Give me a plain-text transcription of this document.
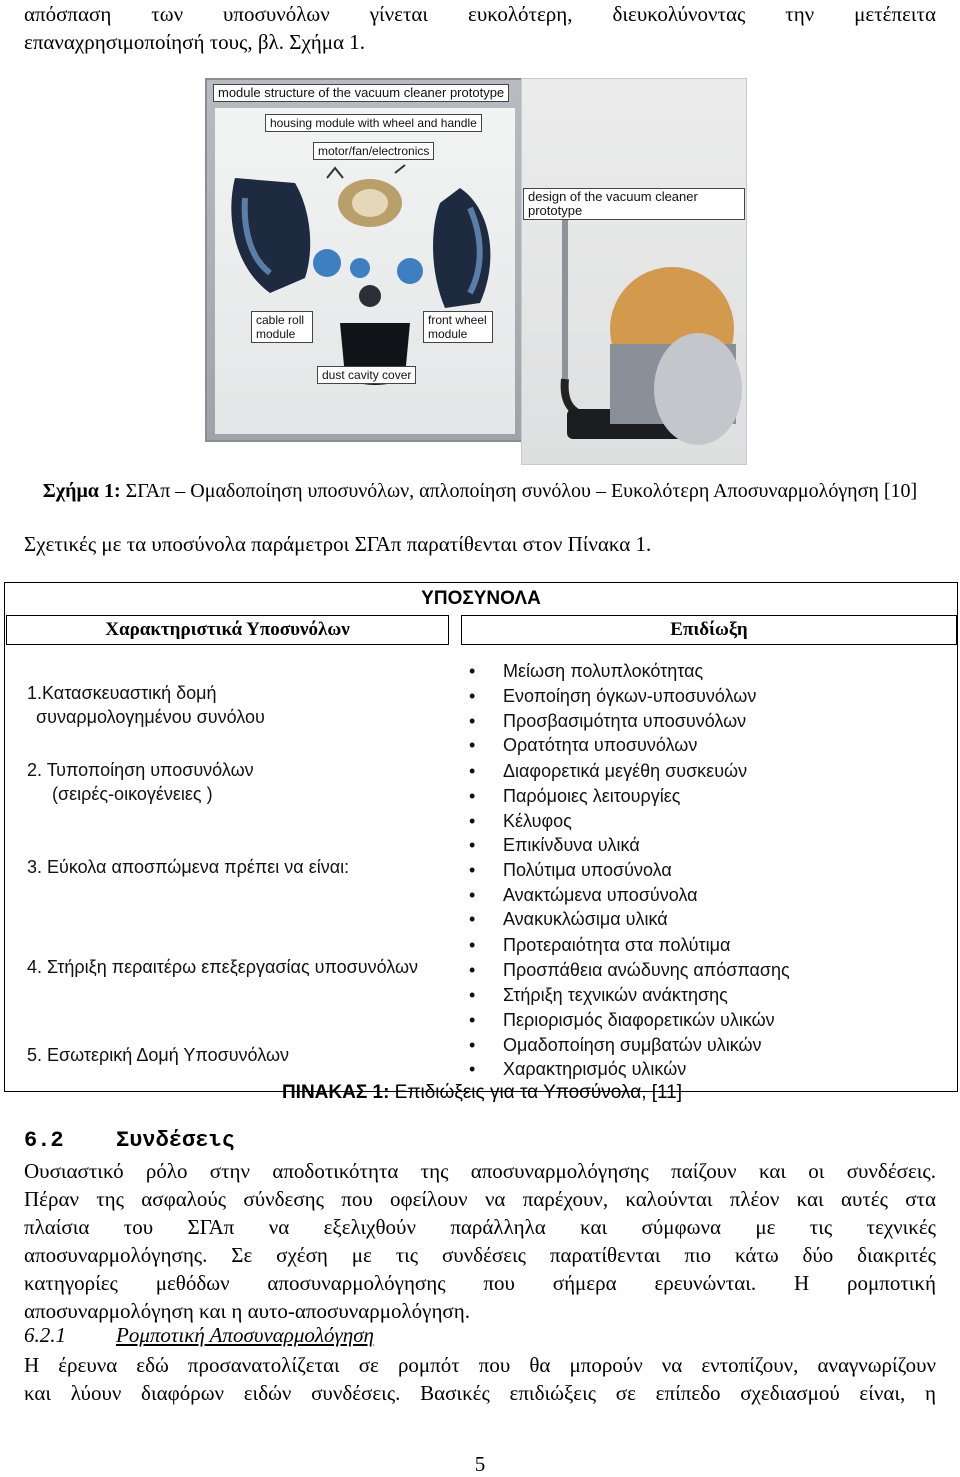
απόσπαση των υποσυνόλων γίνεται ευκολότερη, διευκολύνοντας την μετέπειτα
επαναχρησιμοποίησή τους, βλ. Σχήμα 1.
module structure of the vacuum cleaner prototype
housing module with wheel and handle
motor/fan/electronics
design of the vacuum cleaner prototype
cable roll module
front wheel module
dust cavity cover

Σχήμα 1: ΣΓΑπ – Ομαδοποίηση υποσυνόλων, απλοποίηση συνόλου – Ευκολότερη Αποσυναρμολόγηση [10]

Σχετικές με τα υποσύνολα παράμετροι ΣΓΑπ παρατίθενται στον Πίνακα 1.

ΥΠΟΣΥΝΟΛΑ
Χαρακτηριστικά Υποσυνόλων	Επιδίωξη
1.Κατασκευαστική δομή
συναρμολογημένου συνόλου
2. Τυποποίηση υποσυνόλων
(σειρές-οικογένειες )
3. Εύκολα αποσπώμενα πρέπει να είναι:
4. Στήριξη περαιτέρω επεξεργασίας υποσυνόλων
5. Εσωτερική Δομή Υποσυνόλων
• Μείωση πολυπλοκότητας
• Ενοποίηση όγκων-υποσυνόλων
• Προσβασιμότητα υποσυνόλων
• Ορατότητα υποσυνόλων
• Διαφορετικά μεγέθη συσκευών
• Παρόμοιες λειτουργίες
• Κέλυφος
• Επικίνδυνα υλικά
• Πολύτιμα υποσύνολα
• Ανακτώμενα υποσύνολα
• Ανακυκλώσιμα υλικά
• Προτεραιότητα στα πολύτιμα
• Προσπάθεια ανώδυνης απόσπασης
• Στήριξη τεχνικών ανάκτησης
• Περιορισμός διαφορετικών υλικών
• Ομαδοποίηση συμβατών υλικών
• Χαρακτηρισμός υλικών
ΠΙΝΑΚΑΣ 1: Επιδιώξεις για τα Υποσύνολα, [11]
6.2 Συνδέσεις
Ουσιαστικό ρόλο στην αποδοτικότητα της αποσυναρμολόγησης παίζουν και οι συνδέσεις.
Πέραν της ασφαλούς σύνδεσης που οφείλουν να παρέχουν, καλούνται πλέον και αυτές στα
πλαίσια του ΣΓΑπ να εξελιχθούν παράλληλα και σύμφωνα με τις τεχνικές
αποσυναρμολόγησης. Σε σχέση με τις συνδέσεις παρατίθενται πιο κάτω δύο διακριτές
κατηγορίες μεθόδων αποσυναρμολόγησης που σήμερα ερευνώνται. Η ρομποτική
αποσυναρμολόγηση και η αυτο-αποσυναρμολόγηση.
6.2.1 Ρομποτική Αποσυναρμολόγηση
Η έρευνα εδώ προσανατολίζεται σε ρομπότ που θα μπορούν να εντοπίζουν, αναγνωρίζουν
και λύουν διαφόρων ειδών συνδέσεις. Βασικές επιδιώξεις σε επίπεδο σχεδιασμού είναι, η
5
